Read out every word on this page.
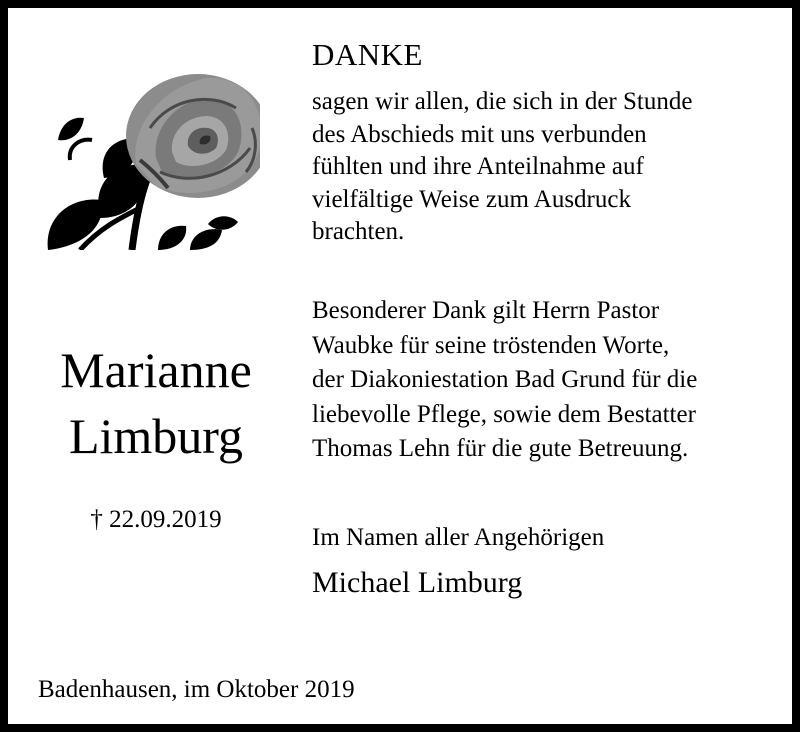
DANKE
sagen wir allen, die sich in der Stunde
des Abschieds mit uns verbunden
fühlten und ihre Anteilnahme auf
vielfältige Weise zum Ausdruck
brachten.
Besonderer Dank gilt Herrn Pastor
Waubke für seine tröstenden Worte,
der Diakoniestation Bad Grund für die
liebevolle Pflege, sowie dem Bestatter
Thomas Lehn für die gute Betreuung.
Marianne
Limburg
† 22.09.2019
Im Namen aller Angehörigen
Michael Limburg
Badenhausen, im Oktober 2019
